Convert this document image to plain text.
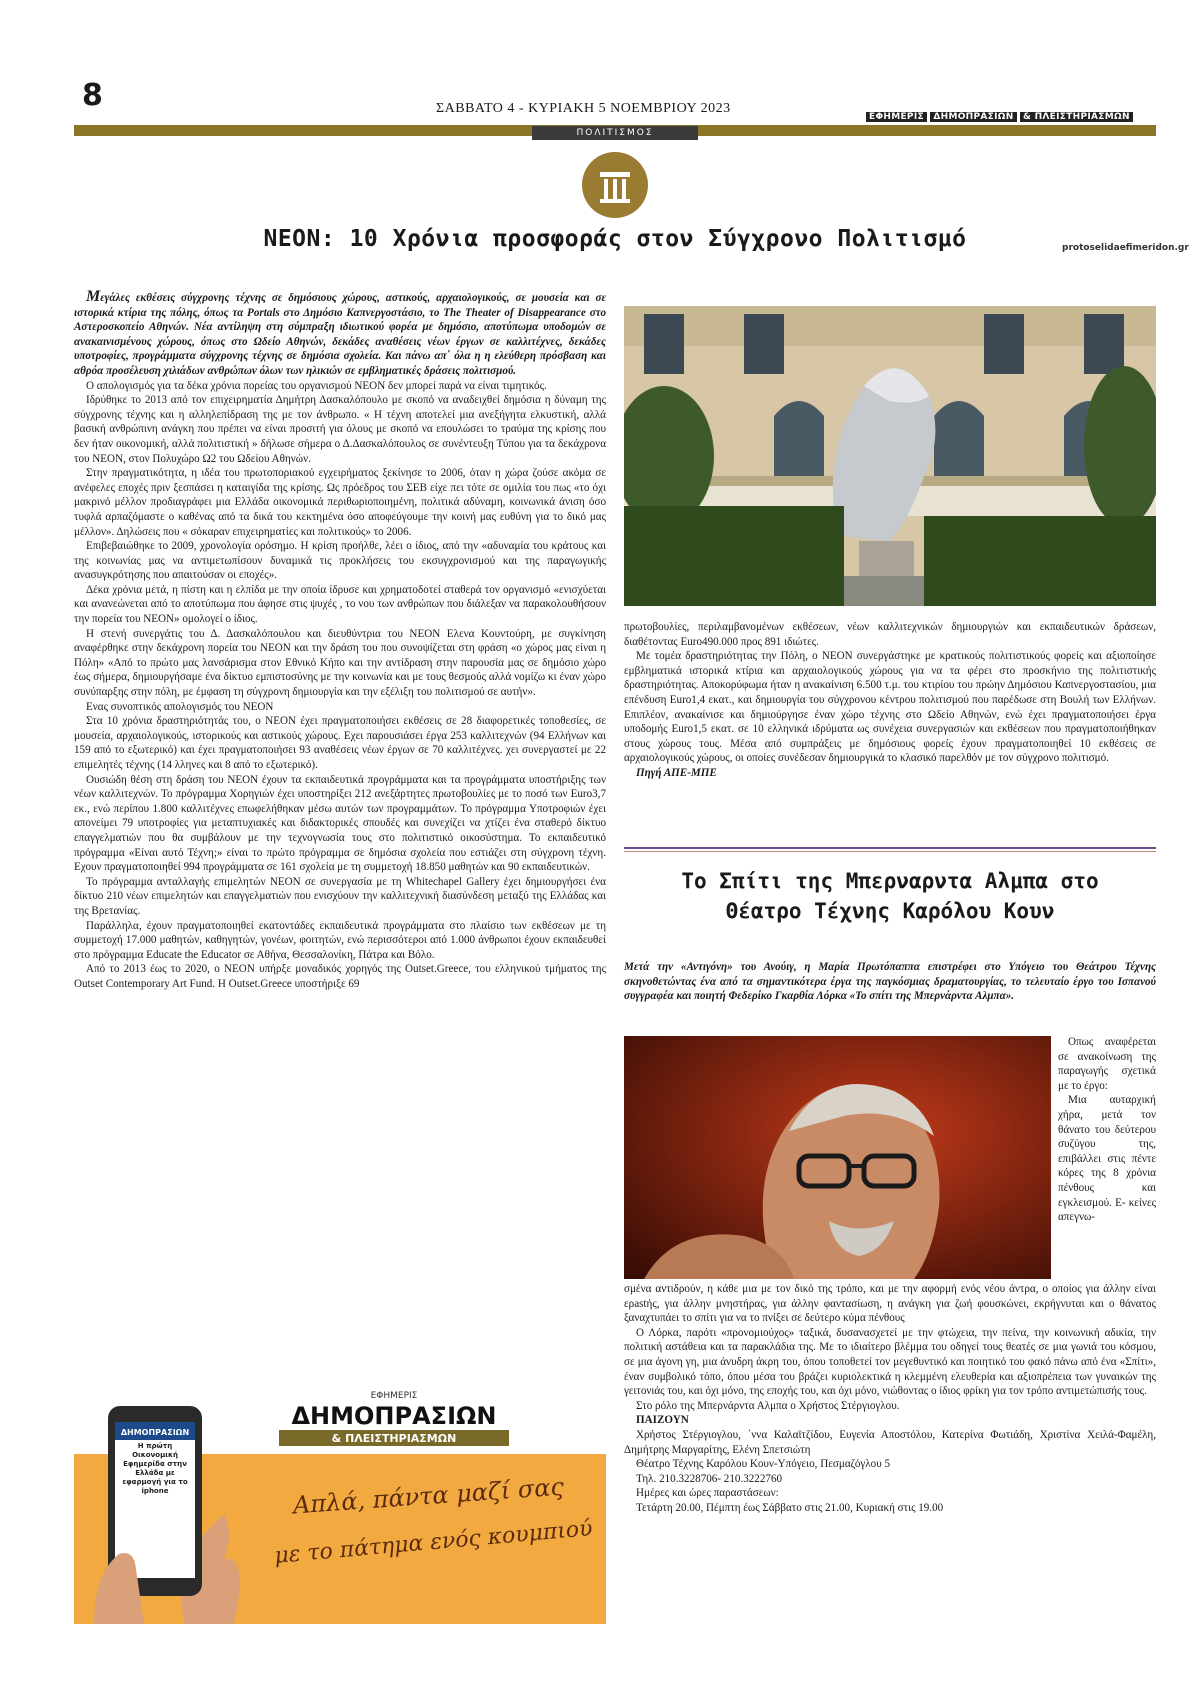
8	ΣΑΒΒΑΤΟ 4 - ΚΥΡΙΑΚΗ 5 ΝΟΕΜΒΡΙΟΥ 2023
ΕΦΗΜΕΡΙΣ ΔΗΜΟΠΡΑΣΙΩΝ & ΠΛΕΙΣΤΗΡΙΑΣΜΩΝ
ΠΟΛΙΤΙΣΜΟΣ
protoselidaefimeridon.gr
NEON: 10 Χρόνια προσφοράς στον Σύγχρονο Πολιτισμό

Μεγάλες εκθέσεις σύγχρονης τέχνης σε δημόσιους χώρους, αστικούς, αρχαιολογικούς, σε μουσεία και σε ιστορικά κτίρια της πόλης, όπως τα Portals στο Δημόσιο Καπνεργοστάσιο, το The Theater of Disappearance στο Αστεροσκοπείο Αθηνών. Νέα αντίληψη στη σύμπραξη ιδιωτικού φορέα με δημόσιο, αποτύπωμα υποδομών σε ανακαινισμένους χώρους, όπως στο Ωδείο Αθηνών, δεκάδες αναθέσεις νέων έργων σε καλλιτέχνες, δεκάδες υποτροφίες, προγράμματα σύγχρονης τέχνης σε δημόσια σχολεία. Και πάνω απ΄ όλα η η ελεύθερη πρόσβαση και αθρόα προσέλευση χιλιάδων ανθρώπων όλων των ηλικιών σε εμβληματικές δράσεις πολιτισμού.

Ο απολογισμός για τα δέκα χρόνια πορείας του οργανισμού NEON δεν μπορεί παρά να είναι τιμητικός.

Ιδρύθηκε το 2013 από τον επιχειρηματία Δημήτρη Δασκαλόπουλο με σκοπό να αναδειχθεί δημόσια η δύναμη της σύγχρονης τέχνης και η αλληλεπίδραση της με τον άνθρωπο. « Η τέχνη αποτελεί μια ανεξήγητα ελκυστική, αλλά βασική ανθρώπινη ανάγκη που πρέπει να είναι προσιτή για όλους με σκοπό να επουλώσει το τραύμα της κρίσης που δεν ήταν οικονομική, αλλά πολιτιστική » δήλωσε σήμερα ο Δ.Δασκαλόπουλος σε συνέντευξη Τύπου για τα δεκάχρονα του NEON, στον Πολυχώρο Ω2 του Ωδείου Αθηνών.

Στην πραγματικότητα, η ιδέα του πρωτοποριακού εγχειρήματος ξεκίνησε το 2006, όταν η χώρα ζούσε ακόμα σε ανέφελες εποχές πριν ξεσπάσει η καταιγίδα της κρίσης. Ως πρόεδρος του ΣΕΒ είχε πει τότε σε ομιλία του πως «το όχι μακρινό μέλλον προδιαγράφει μια Ελλάδα οικονομικά περιθωριοποιημένη, πολιτικά αδύναμη, κοινωνικά άνιση όσο τυφλά αρπαζόμαστε ο καθένας από τα δικά του κεκτημένα όσο αποφεύγουμε την κοινή μας ευθύνη για το δικό μας μέλλον». Δηλώσεις που « σόκαραν επιχειρηματίες και πολιτικούς» το 2006.

Επιβεβαιώθηκε το 2009, χρονολογία ορόσημο. Η κρίση προήλθε, λέει ο ίδιος, από την «αδυναμία του κράτους και της κοινωνίας μας να αντιμετωπίσουν δυναμικά τις προκλήσεις του εκσυγχρονισμού και της παραγωγικής ανασυγκρότησης που απαιτούσαν οι εποχές».

Δέκα χρόνια μετά, η πίστη και η ελπίδα με την οποία ίδρυσε και χρηματοδοτεί σταθερά τον οργανισμό «ενισχύεται και ανανεώνεται από το αποτύπωμα που άφησε στις ψυχές , το νου των ανθρώπων που διάλεξαν να παρακολουθήσουν την πορεία του NEON» ομολογεί ο ίδιος.

Η στενή συνεργάτις του Δ. Δασκαλόπουλου και διευθύντρια του NEON Ελενα Κουντούρη, με συγκίνηση αναφέρθηκε στην δεκάχρονη πορεία του NEON και την δράση του που συνοψίζεται στη φράση «ο χώρος μας είναι η Πόλη» «Από το πρώτο μας λανσάρισμα στον Εθνικό Κήπο και την αντίδραση στην παρουσία μας σε δημόσιο χώρο έως σήμερα, δημιουργήσαμε ένα δίκτυο εμπιστοσύνης με την κοινωνία και με τους θεσμούς αλλά νομίζω κι έναν χώρο συνύπαρξης στην πόλη, με έμφαση τη σύγχρονη δημιουργία και την εξέλιξη του πολιτισμού σε αυτήν».

Ενας συνοπτικός απολογισμός του NEON

Στα 10 χρόνια δραστηριότητάς του, ο NEON έχει πραγματοποιήσει εκθέσεις σε 28 διαφορετικές τοποθεσίες, σε μουσεία, αρχαιολογικούς, ιστορικούς και αστικούς χώρους. Εχει παρουσιάσει έργα 253 καλλιτεχνών (94 Ελλήνων και 159 από το εξωτερικό) και έχει πραγματοποιήσει 93 αναθέσεις νέων έργων σε 70 καλλιτέχνες. χει συνεργαστεί με 22 επιμελητές τέχνης (14 λληνες και 8 από το εξωτερικό).

Ουσιώδη θέση στη δράση του NEON έχουν τα εκπαιδευτικά προγράμματα και τα προγράμματα υποστήριξης των νέων καλλιτεχνών. Το πρόγραμμα Χορηγιών έχει υποστηρίξει 212 ανεξάρτητες πρωτοβουλίες με το ποσό των Euro3,7 εκ., ενώ περίπου 1.800 καλλιτέχνες επωφελήθηκαν μέσω αυτών των προγραμμάτων. Το πρόγραμμα Υποτροφιών έχει απονείμει 79 υποτροφίες για μεταπτυχιακές και διδακτορικές σπουδές και συνεχίζει να χτίζει ένα σταθερό δίκτυο επαγγελματιών που θα συμβάλουν με την τεχνογνωσία τους στο πολιτιστικό οικοσύστημα. Το εκπαιδευτικό πρόγραμμα «Είναι αυτό Τέχνη;» είναι το πρώτο πρόγραμμα σε δημόσια σχολεία που εστιάζει στη σύγχρονη τέχνη. Εχουν πραγματοποιηθεί 994 προγράμματα σε 161 σχολεία με τη συμμετοχή 18.850 μαθητών και 90 εκπαιδευτικών.

Το πρόγραμμα ανταλλαγής επιμελητών NEON σε συνεργασία με τη Whitechapel Gallery έχει δημιουργήσει ένα δίκτυο 210 νέων επιμελητών και επαγγελματιών που ενισχύουν την καλλιτεχνική διασύνδεση μεταξύ της Ελλάδας και της Βρετανίας.

Παράλληλα, έχουν πραγματοποιηθεί εκατοντάδες εκπαιδευτικά προγράμματα στο πλαίσιο των εκθέσεων με τη συμμετοχή 17.000 μαθητών, καθηγητών, γονέων, φοιτητών, ενώ περισσότεροι από 1.000 άνθρωποι έχουν εκπαιδευθεί στο πρόγραμμα Educate the Educator σε Αθήνα, Θεσσαλονίκη, Πάτρα και Βόλο.

Από το 2013 έως το 2020, ο NEON υπήρξε μοναδικός χορηγός της Outset.Greece, του ελληνικού τμήματος της Outset Contemporary Art Fund. Η Outset.Greece υποστήριξε 69

πρωτοβουλίες, περιλαμβανομένων εκθέσεων, νέων καλλιτεχνικών δημιουργιών και εκπαιδευτικών δράσεων, διαθέτοντας Euro490.000 προς 891 ιδιώτες.

Με τομέα δραστηριότητας την Πόλη, ο NEON συνεργάστηκε με κρατικούς πολιτιστικούς φορείς και αξιοποίησε εμβληματικά ιστορικά κτίρια και αρχαιολογικούς χώρους για να τα φέρει στο προσκήνιο της πολιτιστικής δραστηριότητας. Αποκορύφωμα ήταν η ανακαίνιση 6.500 τ.μ. του κτιρίου του πρώην Δημόσιου Καπνεργοστασίου, μια επένδυση Euro1,4 εκατ., και δημιουργία του σύγχρονου κέντρου πολιτισμού που παρέδωσε στη Βουλή των Ελλήνων. Επιπλέον, ανακαίνισε και δημιούργησε έναν χώρο τέχνης στο Ωδείο Αθηνών, ενώ έχει πραγματοποιήσει έργα υποδομής Euro1,5 εκατ. σε 10 ελληνικά ιδρύματα ως συνέχεια συνεργασιών και εκθέσεων που πραγματοποιήθηκαν στους χώρους τους. Μέσα από συμπράξεις με δημόσιους φορείς έχουν πραγματοποιηθεί 10 εκθέσεις σε αρχαιολογικούς χώρους, οι οποίες συνέδεσαν δημιουργικά το κλασικό παρελθόν με τον σύγχρονο πολιτισμό.

Πηγή ΑΠΕ-ΜΠΕ

Το Σπίτι της Μπερναρντα Αλμπα στο
Θέατρο Τέχνης Καρόλου Κουν
Μετά την «Αντιγόνη» του Ανούιγ, η Μαρία Πρωτόπαππα επιστρέφει στο Υπόγειο του Θεάτρου Τέχνης σκηνοθετώντας ένα από τα σημαντικότερα έργα της παγκόσμιας δραματουργίας, το τελευταίο έργο του Ισπανού συγγραφέα και ποιητή Φεδερίκο Γκαρθία Λόρκα «Το σπίτι της Μπερνάρντα Αλμπα».

Οπως αναφέρεται σε ανακοίνωση της παραγωγής σχετικά με το έργο:

Μια αυταρχική χήρα, μετά τον θάνατο του δεύτερου συζύγου της, επιβάλλει στις πέντε κόρες της 8 χρόνια πένθους και εγκλεισμού. Ε- κείνες απεγνω-

σμένα αντιδρούν, η κάθε μια με τον δικό της τρόπο, και με την αφορμή ενός νέου άντρα, ο οποίος για άλλην είναι ερastής, για άλλην μνηστήρας, για άλλην φαντασίωση, η ανάγκη για ζωή φουσκώνει, εκρήγνυται και ο θάνατος ξαναχτυπάει το σπίτι για να το πνίξει σε δεύτερο κύμα πένθους

Ο Λόρκα, παρότι «προνομιούχος» ταξικά, δυσανασχετεί με την φτώχεια, την πείνα, την κοινωνική αδικία, την πολιτική αστάθεια και τα παρακλάδια της. Με το ιδιαίτερο βλέμμα του οδηγεί τους θεατές σε μια γωνιά του κόσμου, σε μια άγονη γη, μια άνυδρη άκρη του, όπου τοποθετεί τον μεγεθυντικό και ποιητικό του φακό πάνω από ένα «Σπίτι», έναν συμβολικό τόπο, όπου μέσα του βράζει κυριολεκτικά η κλεμμένη ελευθερία και αξιοπρέπεια των γυναικών της γειτονιάς του, και όχι μόνο, της εποχής του, και όχι μόνο, νιώθοντας ο ίδιος φρίκη για τον τρόπο αντιμετώπισής τους.

Στο ρόλο της Μπερνάρντα Αλμπα ο Χρήστος Στέργιογλου.

ΠΑΙΖΟΥΝ

Χρήστος Στέργιογλου, ΄ννα Καλαϊτζίδου, Ευγενία Αποστόλου, Κατερίνα Φωτιάδη, Χριστίνα Χειλά-Φαμέλη, Δημήτρης Μαργαρίτης, Ελένη Σπετσιώτη

Θέατρο Τέχνης Καρόλου Κουν-Υπόγειο, Πεσμαζόγλου 5

Τηλ. 210.3228706- 210.3222760

Ημέρες και ώρες παραστάσεων:

Τετάρτη 20.00, Πέμπτη έως Σάββατο στις 21.00, Κυριακή στις 19.00

ΔΗΜΟΠΡΑΣΙΩΝ
Η πρώτη Οικονομική Εφημερίδα στην Ελλάδα με εφαρμογή για το iphone
ΕΦΗΜΕΡΙΣ
ΔΗΜΟΠΡΑΣΙΩΝ
& ΠΛΕΙΣΤΗΡΙΑΣΜΩΝ
Απλά, πάντα μαζί σας
με το πάτημα ενός κουμπιού
